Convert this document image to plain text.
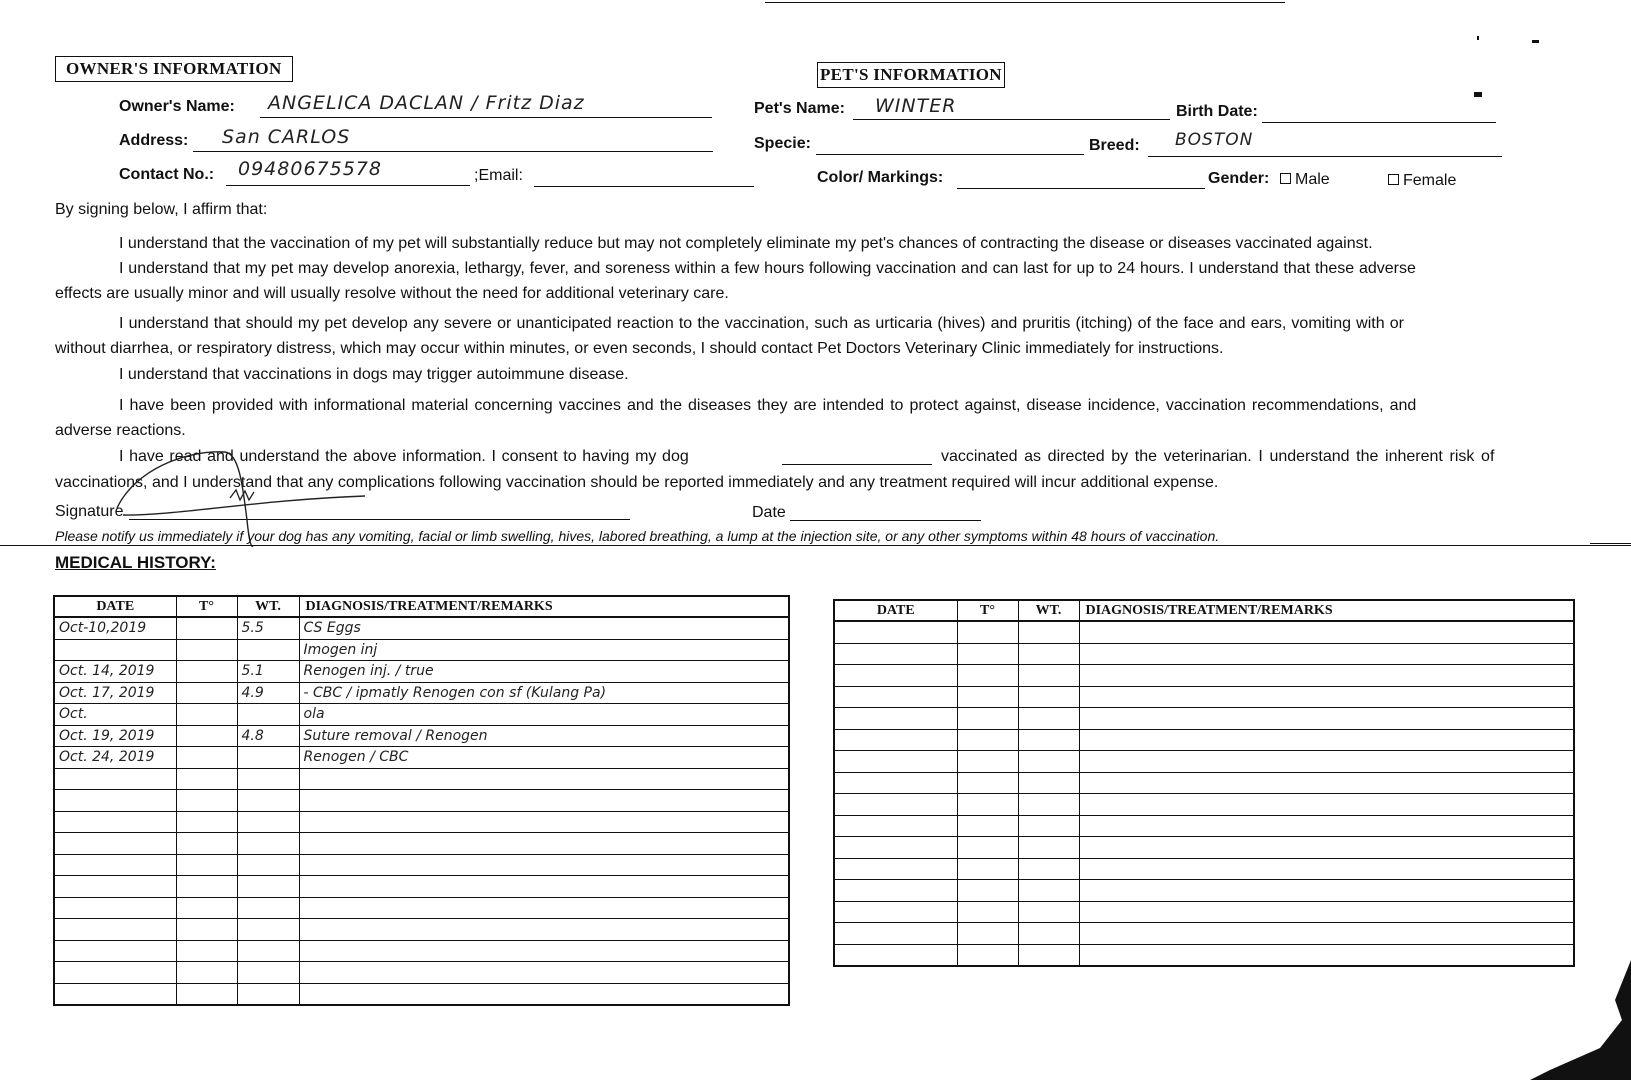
OWNER'S INFORMATION
Owner's Name: ANGELICA DACLAN / Fritz Diaz
Address: San CARLOS
Contact No.: 09480675578	;Email:
PET'S INFORMATION
Pet's Name: WINTER	Birth Date:
Specie:	Breed: BOSTON
Color/ Markings:	Gender:	Male	Female
By signing below, I affirm that:
I understand that the vaccination of my pet will substantially reduce but may not completely eliminate my pet's chances of contracting the disease or diseases vaccinated against.
I understand that my pet may develop anorexia, lethargy, fever, and soreness within a few hours following vaccination and can last for up to 24 hours. I understand that these adverse
effects are usually minor and will usually resolve without the need for additional veterinary care.
I understand that should my pet develop any severe or unanticipated reaction to the vaccination, such as urticaria (hives) and pruritis (itching) of the face and ears, vomiting with or
without diarrhea, or respiratory distress, which may occur within minutes, or even seconds, I should contact Pet Doctors Veterinary Clinic immediately for instructions.
I understand that vaccinations in dogs may trigger autoimmune disease.
I have been provided with informational material concerning vaccines and the diseases they are intended to protect against, disease incidence, vaccination recommendations, and
adverse reactions.
I have read and understand the above information. I consent to having my dog	vaccinated as directed by the veterinarian. I understand the inherent risk of
vaccinations, and I understand that any complications following vaccination should be reported immediately and any treatment required will incur additional expense.
Signature	Date
Please notify us immediately if your dog has any vomiting, facial or limb swelling, hives, labored breathing, a lump at the injection site, or any other symptoms within 48 hours of vaccination.
MEDICAL HISTORY:
DATE	T°	WT.	DIAGNOSIS/TREATMENT/REMARKS
Oct-10,2019		5.5	CS Eggs
			Imogen inj
Oct. 14, 2019		5.1	Renogen inj. / true
Oct. 17, 2019		4.9	- CBC / ipmatly Renogen con sf (Kulang Pa)
Oct.			ola
Oct. 19, 2019		4.8	Suture removal / Renogen
Oct. 24, 2019			Renogen / CBC

DATE	T°	WT.	DIAGNOSIS/TREATMENT/REMARKS
